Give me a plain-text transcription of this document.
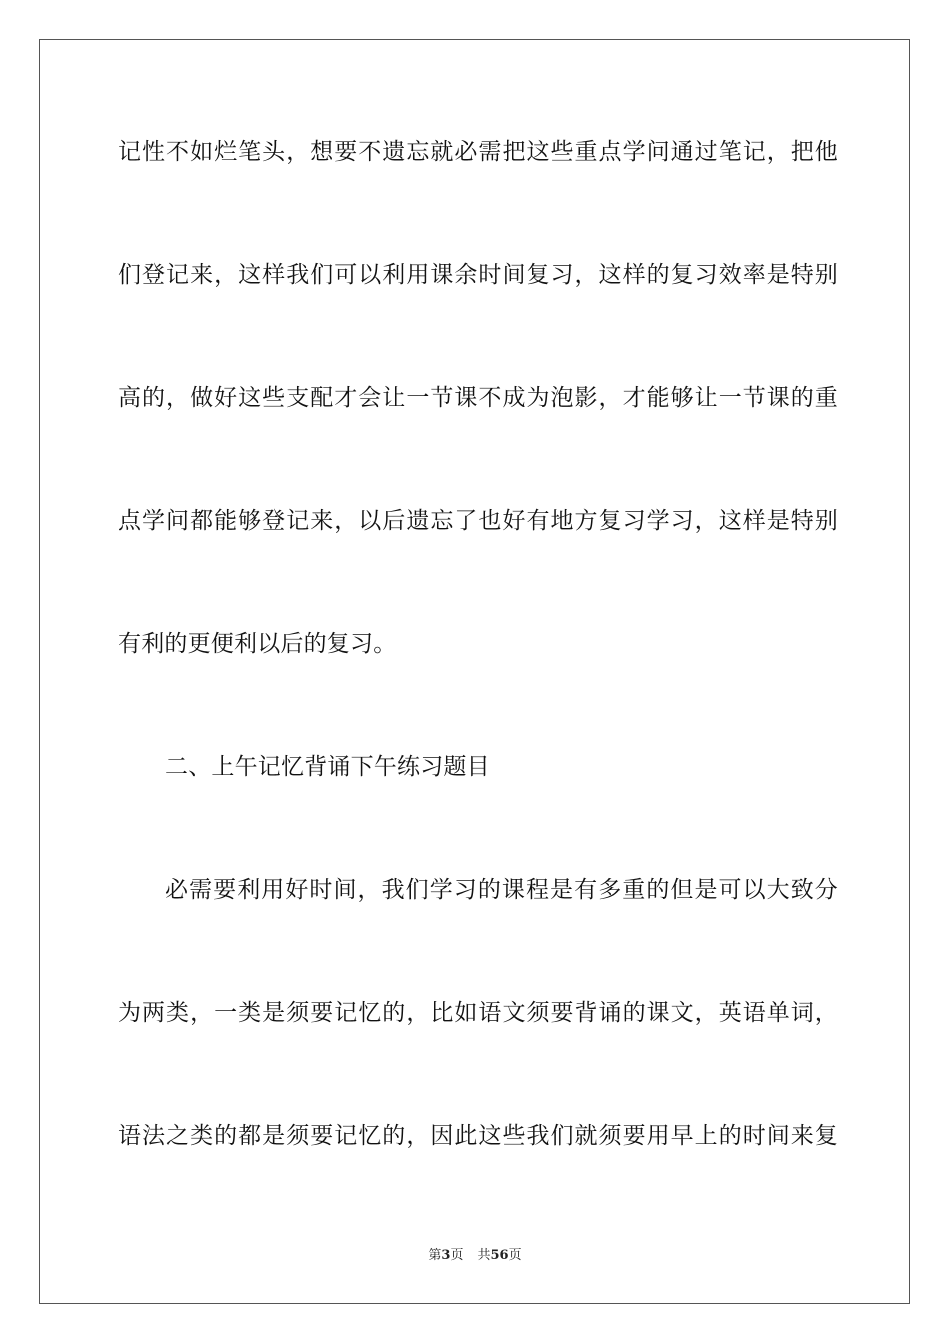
记性不如烂笔头，想要不遗忘就必需把这些重点学问通过笔记，把他
们登记来，这样我们可以利用课余时间复习，这样的复习效率是特别
高的，做好这些支配才会让一节课不成为泡影，才能够让一节课的重
点学问都能够登记来，以后遗忘了也好有地方复习学习，这样是特别
有利的更便利以后的复习。
二、上午记忆背诵下午练习题目
必需要利用好时间，我们学习的课程是有多重的但是可以大致分
为两类，一类是须要记忆的，比如语文须要背诵的课文，英语单词，
语法之类的都是须要记忆的，因此这些我们就须要用早上的时间来复
第3页 共56页
